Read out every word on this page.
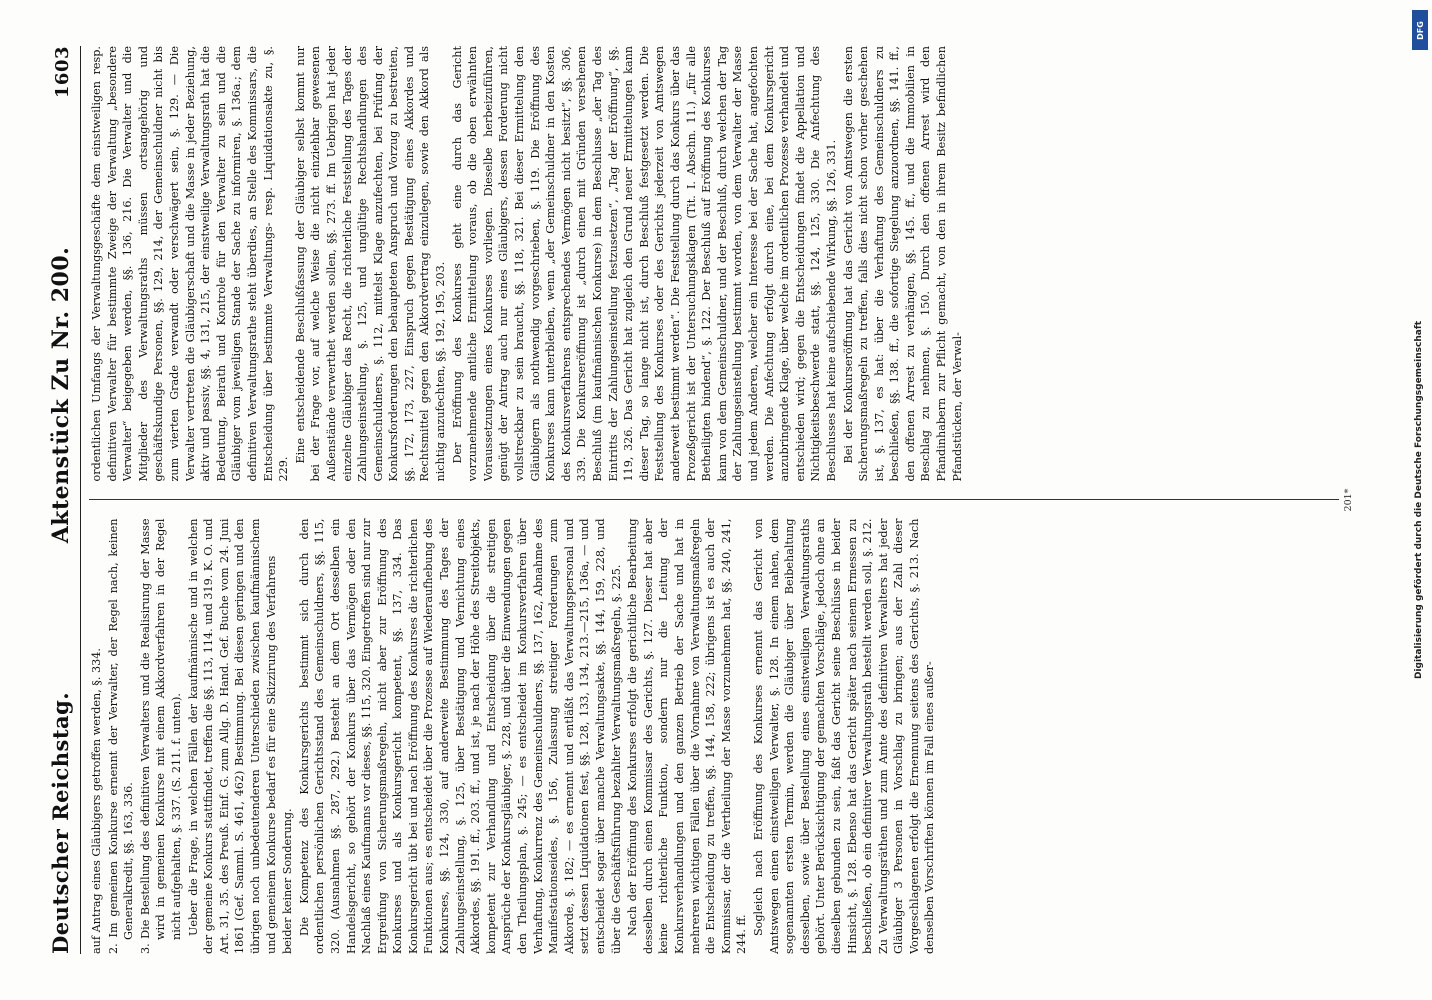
Deutscher Reichstag.
Aktenstück Zu Nr. 200.
1603

auf Antrag eines Gläubigers getroffen werden, §. 334. 2. Im gemeinen Konkurse ernennt der Verwalter, der Regel nach, keinen Generalkredit, §§. 163, 336. 3. Die Bestellung des definitiven Verwalters und die Realisirung der Masse wird in gemeinen Konkurse mit einem Akkordverfahren in der Regel nicht aufgehalten, §. 337. (S. 211. f. unten). Ueber die Frage, in welchen Fällen der kaufmännische und in welchen der gemeine Konkurs stattfindet, treffen die §§. 113, 114. und 319. K. O. und Art. 31, 35. des Preuß. Einf. G. zum Allg. D. Hand. Gef. Buche vom 24. Juni 1861 (Gef. Samml. S. 461, 462) Bestimmung. Bei diesen geringen und den übrigen noch unbedeutenderen Unterschieden zwischen kaufmännischem und gemeinem Konkurse bedarf es für eine Skizzirung des Verfahrens beider keiner Sonderung. Die Kompetenz des Konkursgerichts bestimmt sich durch den ordentlichen persönlichen Gerichtsstand des Gemeinschuldners, §§. 115, 320. (Ausnahmen §§. 287, 292.) Besteht an dem Ort desselben ein Handelsgericht, so gehört der Konkurs über das Vermögen oder den Nachlaß eines Kaufmanns vor dieses, §§. 115, 320. Eingetroffen sind nur zur Ergreifung von Sicherungsmaßregeln, nicht aber zur Eröffnung des Konkurses und als Konkursgericht kompetent, §§. 137, 334. Das Konkursgericht übt bei und nach Eröffnung des Konkurses die richterlichen Funktionen aus; es entscheidet über die Prozesse auf Wiederaufhebung des Konkurses, §§. 124, 330, auf anderweite Bestimmung des Tages der Zahlungseinstellung, §. 125, über Bestätigung und Vernichtung eines Akkordes, §§. 191. ff., 203. ff., und ist, je nach der Höhe des Streitobjekts, kompetent zur Verhandlung und Entscheidung über die streitigen Ansprüche der Konkursgläubiger, §. 228, und über die Einwendungen gegen den Theilungsplan, §. 245; — es entscheidet im Konkursverfahren über Verhaftung, Konkurrenz des Gemeinschuldners, §§. 137, 162, Abnahme des Manifestationseides, §. 156, Zulassung streitiger Forderungen zum Akkorde, §. 182; — es ernennt und entläßt das Verwaltungspersonal und setzt dessen Liquidationen fest, §§. 128, 133, 134, 213.—215, 136a, — und entscheidet sogar über manche Verwaltungsakte, §§. 144, 159, 228, und über die Geschäftsführung bezahlter Verwaltungsmaßregeln, §. 225. Nach der Eröffnung des Konkurses erfolgt die gerichtliche Bearbeitung desselben durch einen Kommissar des Gerichts, §. 127. Dieser hat aber keine richterliche Funktion, sondern nur die Leitung der Konkursverhandlungen und den ganzen Betrieb der Sache und hat in mehreren wichtigen Fällen über die Vornahme von Verwaltungsmaßregeln die Entscheidung zu treffen, §§. 144, 158, 222; übrigens ist es auch der Kommissar, der die Vertheilung der Masse vorzunehmen hat, §§. 240, 241, 244. ff. Sogleich nach Eröffnung des Konkurses ernennt das Gericht von Amtswegen einen einstweiligen Verwalter, §. 128. In einem nahen, dem sogenannten ersten Termin, werden die Gläubiger über Beibehaltung desselben, sowie über Bestellung eines einstweiligen Verwaltungsraths gehört. Unter Berücksichtigung der gemachten Vorschläge, jedoch ohne an dieselben gebunden zu sein, faßt das Gericht seine Beschlüsse in beider Hinsicht, §. 128. Ebenso hat das Gericht später nach seinem Ermessen zu beschließen, ob ein definitiver Verwaltungsrath bestellt werden soll, §. 212. Zu Verwaltungsräthen und zum Amte des definitiven Verwalters hat jeder Gläubiger 3 Personen in Vorschlag zu bringen; aus der Zahl dieser Vorgeschlagenen erfolgt die Ernennung seitens des Gerichts, §. 213. Nach denselben Vorschriften können im Fall eines außer-

ordentlichen Umfangs der Verwaltungsgeschäfte dem einstweiligen resp. definitiven Verwalter für bestimmte Zweige der Verwaltung „besondere Verwalter“ beigegeben werden, §§. 136, 216. Die Verwalter und die Mitglieder des Verwaltungsraths müssen ortsangehörig und geschäftskundige Personen, §§. 129, 214, der Gemeinschuldner nicht bis zum vierten Grade verwandt oder verschwägert sein, §. 129. — Die Verwalter vertreten die Gläubigerschaft und die Masse in jeder Beziehung, aktiv und passiv, §§. 4, 131, 215, der einstweilige Verwaltungsrath hat die Bedeutung, Beirath und Kontrole für den Verwalter zu sein und die Gläubiger vom jeweiligen Stande der Sache zu informiren, §. 136a.; dem definitiven Verwaltungsrathe steht überdies, an Stelle des Kommissars, die Entscheidung über bestimmte Verwaltungs- resp. Liquidationsakte zu, §. 229.

Eine entscheidende Beschlußfassung der Gläubiger selbst kommt nur bei der Frage vor, auf welche Weise die nicht einziehbar gewesenen Außenstände verwerthet werden sollen, §§. 273. ff. Im Uebrigen hat jeder einzelne Gläubiger das Recht, die richterliche Feststellung des Tages der Zahlungseinstellung, §. 125, und ungültige Rechtshandlungen des Gemeinschuldners, §. 112, mittelst Klage anzufechten, bei Prüfung der Konkursforderungen den behaupteten Anspruch und Vorzug zu bestreiten, §§. 172, 173, 227, Einspruch gegen Bestätigung eines Akkordes und Rechtsmittel gegen den Akkordvertrag einzulegen, sowie den Akkord als nichtig anzufechten, §§. 192, 195, 203. Der Eröffnung des Konkurses geht eine durch das Gericht vorzunehmende amtliche Ermittelung voraus, ob die oben erwähnten Voraussetzungen eines Konkurses vorliegen. Dieselbe herbeizuführen, genügt der Antrag auch nur eines Gläubigers, dessen Forderung nicht vollstreckbar zu sein braucht, §§. 118, 321. Bei dieser Ermittelung den Gläubigern als nothwendig vorgeschrieben, §. 119. Die Eröffnung des Konkurses kann unterbleiben, wenn „der Gemeinschuldner in den Kosten des Konkursverfahrens entsprechendes Vermögen nicht besitzt“, §§. 306, 339. Die Konkurseröffnung ist „durch einen mit Gründen versehenen Beschluß (im kaufmännischen Konkurse) in dem Beschlusse „der Tag des Eintritts der Zahlungseinstellung festzusetzen“, „Tag der Eröffnung“, §§. 119, 326. Das Gericht hat zugleich den Grund neuer Ermittelungen kann dieser Tag, so lange nicht ist, durch Beschluß festgesetzt werden. Die Feststellung des Konkurses oder des Gerichts jederzeit von Amtswegen anderweit bestimmt werden“. Die Feststellung durch das Konkurs über das Prozeßgericht ist der Untersuchungsklagen (Tit. I. Abschn. 11.) „für alle Betheiligten bindend“, §. 122. Der Beschluß auf Eröffnung des Konkurses kann von dem Gemeinschuldner, und der Beschluß, durch welchen der Tag der Zahlungseinstellung bestimmt worden, von dem Verwalter der Masse und jedem Anderen, welcher ein Interesse bei der Sache hat, angefochten werden. Die Anfechtung erfolgt durch eine, bei dem Konkursgericht anzubringende Klage, über welche im ordentlichen Prozesse verhandelt und entschieden wird; gegen die Entscheidungen findet die Appellation und Nichtigkeitsbeschwerde statt, §§. 124, 125, 330. Die Anfechtung des Beschlusses hat keine aufschiebende Wirkung, §§. 126, 331. Bei der Konkurseröffnung hat das Gericht von Amtswegen die ersten Sicherungsmaßregeln zu treffen, falls dies nicht schon vorher geschehen ist, §. 137, es hat: über die Verhaftung des Gemeinschuldners zu beschließen, §§. 138. ff., die sofortige Siegelung anzuordnen, §§. 141. ff., den offenen Arrest zu verhängen, §§. 145. ff., und die Immobilien in Beschlag zu nehmen, §. 150. Durch den offenen Arrest wird den Pfandinhabern zur Pflicht gemacht, von den in ihrem Besitz befindlichen Pfandstücken, der Verwal-

201*
DFG
Digitalisierung gefördert durch die Deutsche Forschungsgemeinschaft
